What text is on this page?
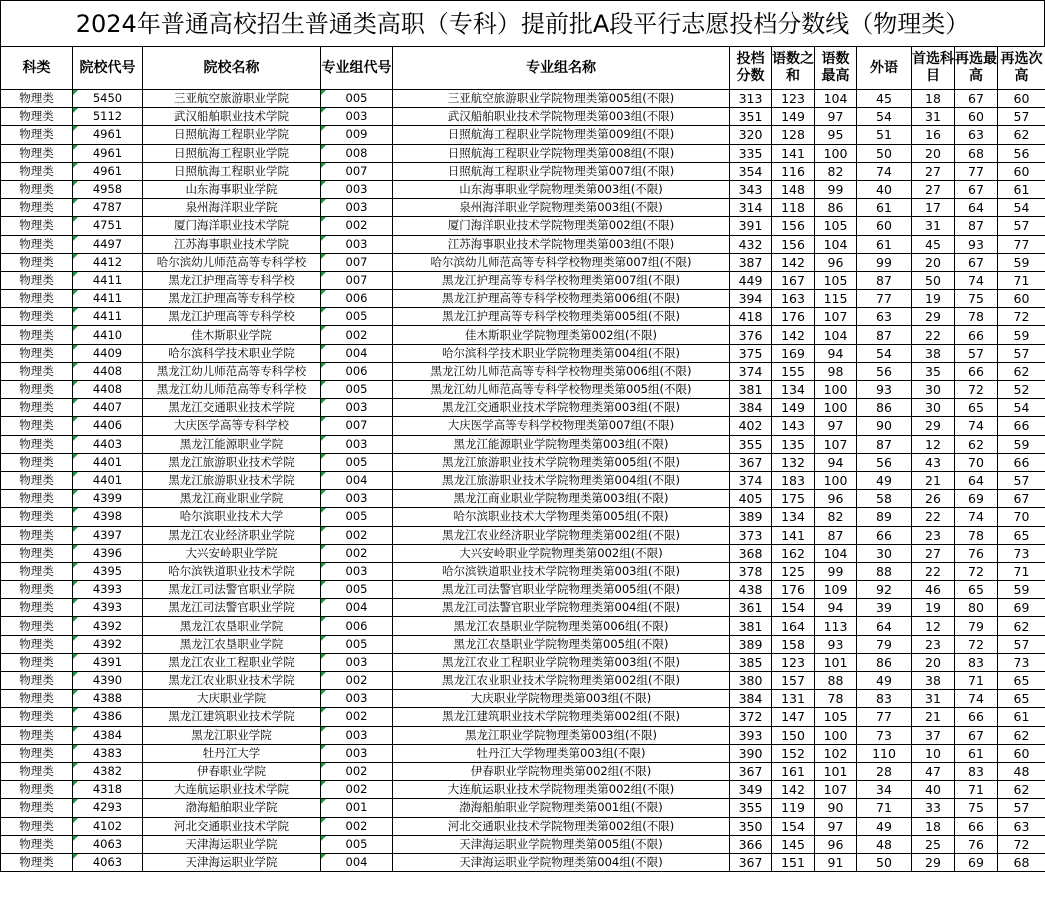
2024年普通高校招生普通类高职（专科）提前批A段平行志愿投档分数线（物理类）
科类	院校代号	院校名称	专业组代号	专业组名称	投档分数	语数之和	语数最高	外语	首选科目	再选最高	再选次高
物理类	5450	三亚航空旅游职业学院	005	三亚航空旅游职业学院物理类第005组(不限)	313	123	104	45	18	67	60
物理类	5112	武汉船舶职业技术学院	003	武汉船舶职业技术学院物理类第003组(不限)	351	149	97	54	31	60	57
物理类	4961	日照航海工程职业学院	009	日照航海工程职业学院物理类第009组(不限)	320	128	95	51	16	63	62
物理类	4961	日照航海工程职业学院	008	日照航海工程职业学院物理类第008组(不限)	335	141	100	50	20	68	56
物理类	4961	日照航海工程职业学院	007	日照航海工程职业学院物理类第007组(不限)	354	116	82	74	27	77	60
物理类	4958	山东海事职业学院	003	山东海事职业学院物理类第003组(不限)	343	148	99	40	27	67	61
物理类	4787	泉州海洋职业学院	003	泉州海洋职业学院物理类第003组(不限)	314	118	86	61	17	64	54
物理类	4751	厦门海洋职业技术学院	002	厦门海洋职业技术学院物理类第002组(不限)	391	156	105	60	31	87	57
物理类	4497	江苏海事职业技术学院	003	江苏海事职业技术学院物理类第003组(不限)	432	156	104	61	45	93	77
物理类	4412	哈尔滨幼儿师范高等专科学校	007	哈尔滨幼儿师范高等专科学校物理类第007组(不限)	387	142	96	99	20	67	59
物理类	4411	黑龙江护理高等专科学校	007	黑龙江护理高等专科学校物理类第007组(不限)	449	167	105	87	50	74	71
物理类	4411	黑龙江护理高等专科学校	006	黑龙江护理高等专科学校物理类第006组(不限)	394	163	115	77	19	75	60
物理类	4411	黑龙江护理高等专科学校	005	黑龙江护理高等专科学校物理类第005组(不限)	418	176	107	63	29	78	72
物理类	4410	佳木斯职业学院	002	佳木斯职业学院物理类第002组(不限)	376	142	104	87	22	66	59
物理类	4409	哈尔滨科学技术职业学院	004	哈尔滨科学技术职业学院物理类第004组(不限)	375	169	94	54	38	57	57
物理类	4408	黑龙江幼儿师范高等专科学校	006	黑龙江幼儿师范高等专科学校物理类第006组(不限)	374	155	98	56	35	66	62
物理类	4408	黑龙江幼儿师范高等专科学校	005	黑龙江幼儿师范高等专科学校物理类第005组(不限)	381	134	100	93	30	72	52
物理类	4407	黑龙江交通职业技术学院	003	黑龙江交通职业技术学院物理类第003组(不限)	384	149	100	86	30	65	54
物理类	4406	大庆医学高等专科学校	007	大庆医学高等专科学校物理类第007组(不限)	402	143	97	90	29	74	66
物理类	4403	黑龙江能源职业学院	003	黑龙江能源职业学院物理类第003组(不限)	355	135	107	87	12	62	59
物理类	4401	黑龙江旅游职业技术学院	005	黑龙江旅游职业技术学院物理类第005组(不限)	367	132	94	56	43	70	66
物理类	4401	黑龙江旅游职业技术学院	004	黑龙江旅游职业技术学院物理类第004组(不限)	374	183	100	49	21	64	57
物理类	4399	黑龙江商业职业学院	003	黑龙江商业职业学院物理类第003组(不限)	405	175	96	58	26	69	67
物理类	4398	哈尔滨职业技术大学	005	哈尔滨职业技术大学物理类第005组(不限)	389	134	82	89	22	74	70
物理类	4397	黑龙江农业经济职业学院	002	黑龙江农业经济职业学院物理类第002组(不限)	373	141	87	66	23	78	65
物理类	4396	大兴安岭职业学院	002	大兴安岭职业学院物理类第002组(不限)	368	162	104	30	27	76	73
物理类	4395	哈尔滨铁道职业技术学院	003	哈尔滨铁道职业技术学院物理类第003组(不限)	378	125	99	88	22	72	71
物理类	4393	黑龙江司法警官职业学院	005	黑龙江司法警官职业学院物理类第005组(不限)	438	176	109	92	46	65	59
物理类	4393	黑龙江司法警官职业学院	004	黑龙江司法警官职业学院物理类第004组(不限)	361	154	94	39	19	80	69
物理类	4392	黑龙江农垦职业学院	006	黑龙江农垦职业学院物理类第006组(不限)	381	164	113	64	12	79	62
物理类	4392	黑龙江农垦职业学院	005	黑龙江农垦职业学院物理类第005组(不限)	389	158	93	79	23	72	57
物理类	4391	黑龙江农业工程职业学院	003	黑龙江农业工程职业学院物理类第003组(不限)	385	123	101	86	20	83	73
物理类	4390	黑龙江农业职业技术学院	002	黑龙江农业职业技术学院物理类第002组(不限)	380	157	88	49	38	71	65
物理类	4388	大庆职业学院	003	大庆职业学院物理类第003组(不限)	384	131	78	83	31	74	65
物理类	4386	黑龙江建筑职业技术学院	002	黑龙江建筑职业技术学院物理类第002组(不限)	372	147	105	77	21	66	61
物理类	4384	黑龙江职业学院	003	黑龙江职业学院物理类第003组(不限)	393	150	100	73	37	67	62
物理类	4383	牡丹江大学	003	牡丹江大学物理类第003组(不限)	390	152	102	110	10	61	60
物理类	4382	伊春职业学院	002	伊春职业学院物理类第002组(不限)	367	161	101	28	47	83	48
物理类	4318	大连航运职业技术学院	002	大连航运职业技术学院物理类第002组(不限)	349	142	107	34	40	71	62
物理类	4293	渤海船舶职业学院	001	渤海船舶职业学院物理类第001组(不限)	355	119	90	71	33	75	57
物理类	4102	河北交通职业技术学院	002	河北交通职业技术学院物理类第002组(不限)	350	154	97	49	18	66	63
物理类	4063	天津海运职业学院	005	天津海运职业学院物理类第005组(不限)	366	145	96	48	25	76	72
物理类	4063	天津海运职业学院	004	天津海运职业学院物理类第004组(不限)	367	151	91	50	29	69	68
